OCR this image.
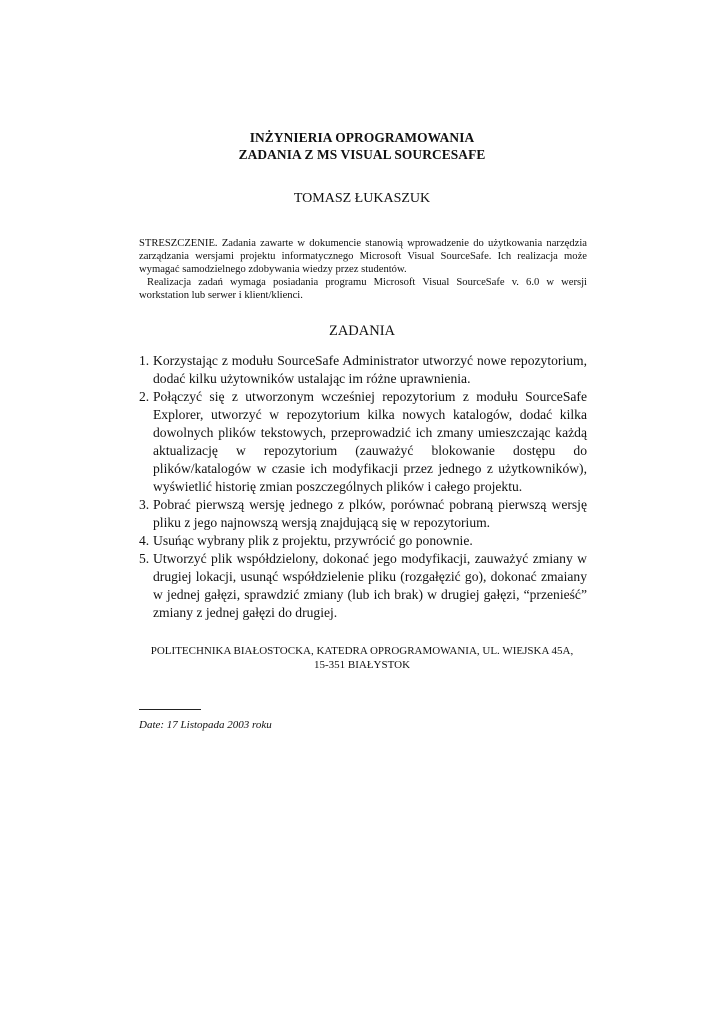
INŻYNIERIA OPROGRAMOWANIA
ZADANIA Z MS VISUAL SOURCESAFE
TOMASZ ŁUKASZUK

STRESZCZENIE. Zadania zawarte w dokumencie stanowią wprowadzenie do użytkowania narzędzia zarządzania wersjami projektu informatycznego Microsoft Visual SourceSafe. Ich realizacja może wymagać samodzielnego zdobywania wiedzy przez studentów.

Realizacja zadań wymaga posiadania programu Microsoft Visual SourceSafe v. 6.0 w wersji workstation lub serwer i klient/klienci.

ZADANIA
1. Korzystając z modułu SourceSafe Administrator utworzyć nowe repozytorium, dodać kilku użytowników ustalając im różne uprawnienia.
2. Połączyć się z utworzonym wcześniej repozytorium z modułu SourceSafe Explorer, utworzyć w repozytorium kilka nowych katalogów, dodać kilka dowolnych plików tekstowych, przeprowadzić ich zmany umieszczając każdą aktualizację w repozytorium (zauważyć blokowanie dostępu do plików/katalogów w czasie ich modyfikacji przez jednego z użytkowników), wyświetlić historię zmian poszczególnych plików i całego projektu.
3. Pobrać pierwszą wersję jednego z plków, porównać pobraną pierwszą wersję pliku z jego najnowszą wersją znajdującą się w repozytorium.
4. Usuńąc wybrany plik z projektu, przywrócić go ponownie.
5. Utworzyć plik współdzielony, dokonać jego modyfikacji, zauważyć zmiany w drugiej lokacji, usunąć współdzielenie pliku (rozgałęzić go), dokonać zmaiany w jednej gałęzi, sprawdzić zmiany (lub ich brak) w drugiej gałęzi, “przenieść” zmiany z jednej gałęzi do drugiej.
POLITECHNIKA BIAŁOSTOCKA, KATEDRA OPROGRAMOWANIA, UL. WIEJSKA 45A,
15-351 BIAŁYSTOK
Date: 17 Listopada 2003 roku
